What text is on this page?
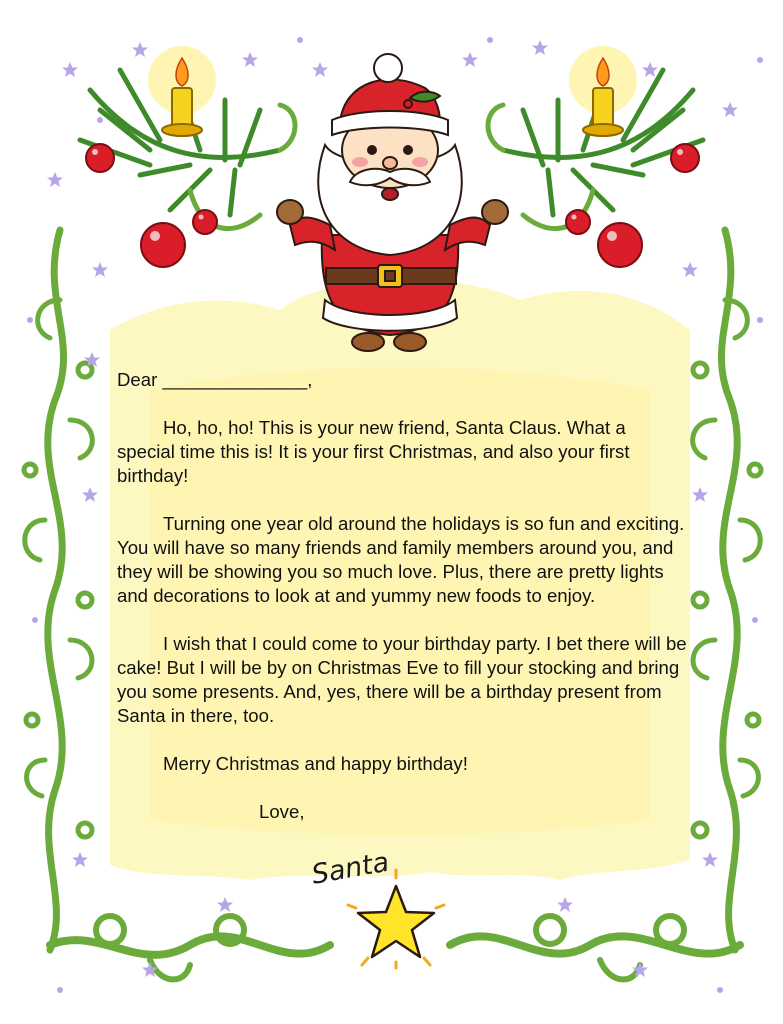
Dear ______________,

Ho, ho, ho! This is your new friend, Santa Claus. What a special time this is! It is your first Christmas, and also your first birthday!

Turning one year old around the holidays is so fun and exciting. You will have so many friends and family members around you, and they will be showing you so much love. Plus, there are pretty lights and decorations to look at and yummy new foods to enjoy.

I wish that I could come to your birthday party. I bet there will be cake! But I will be by on Christmas Eve to fill your stocking and bring you some presents. And, yes, there will be a birthday present from Santa in there, too.

Merry Christmas and happy birthday!

Love,

Santa
